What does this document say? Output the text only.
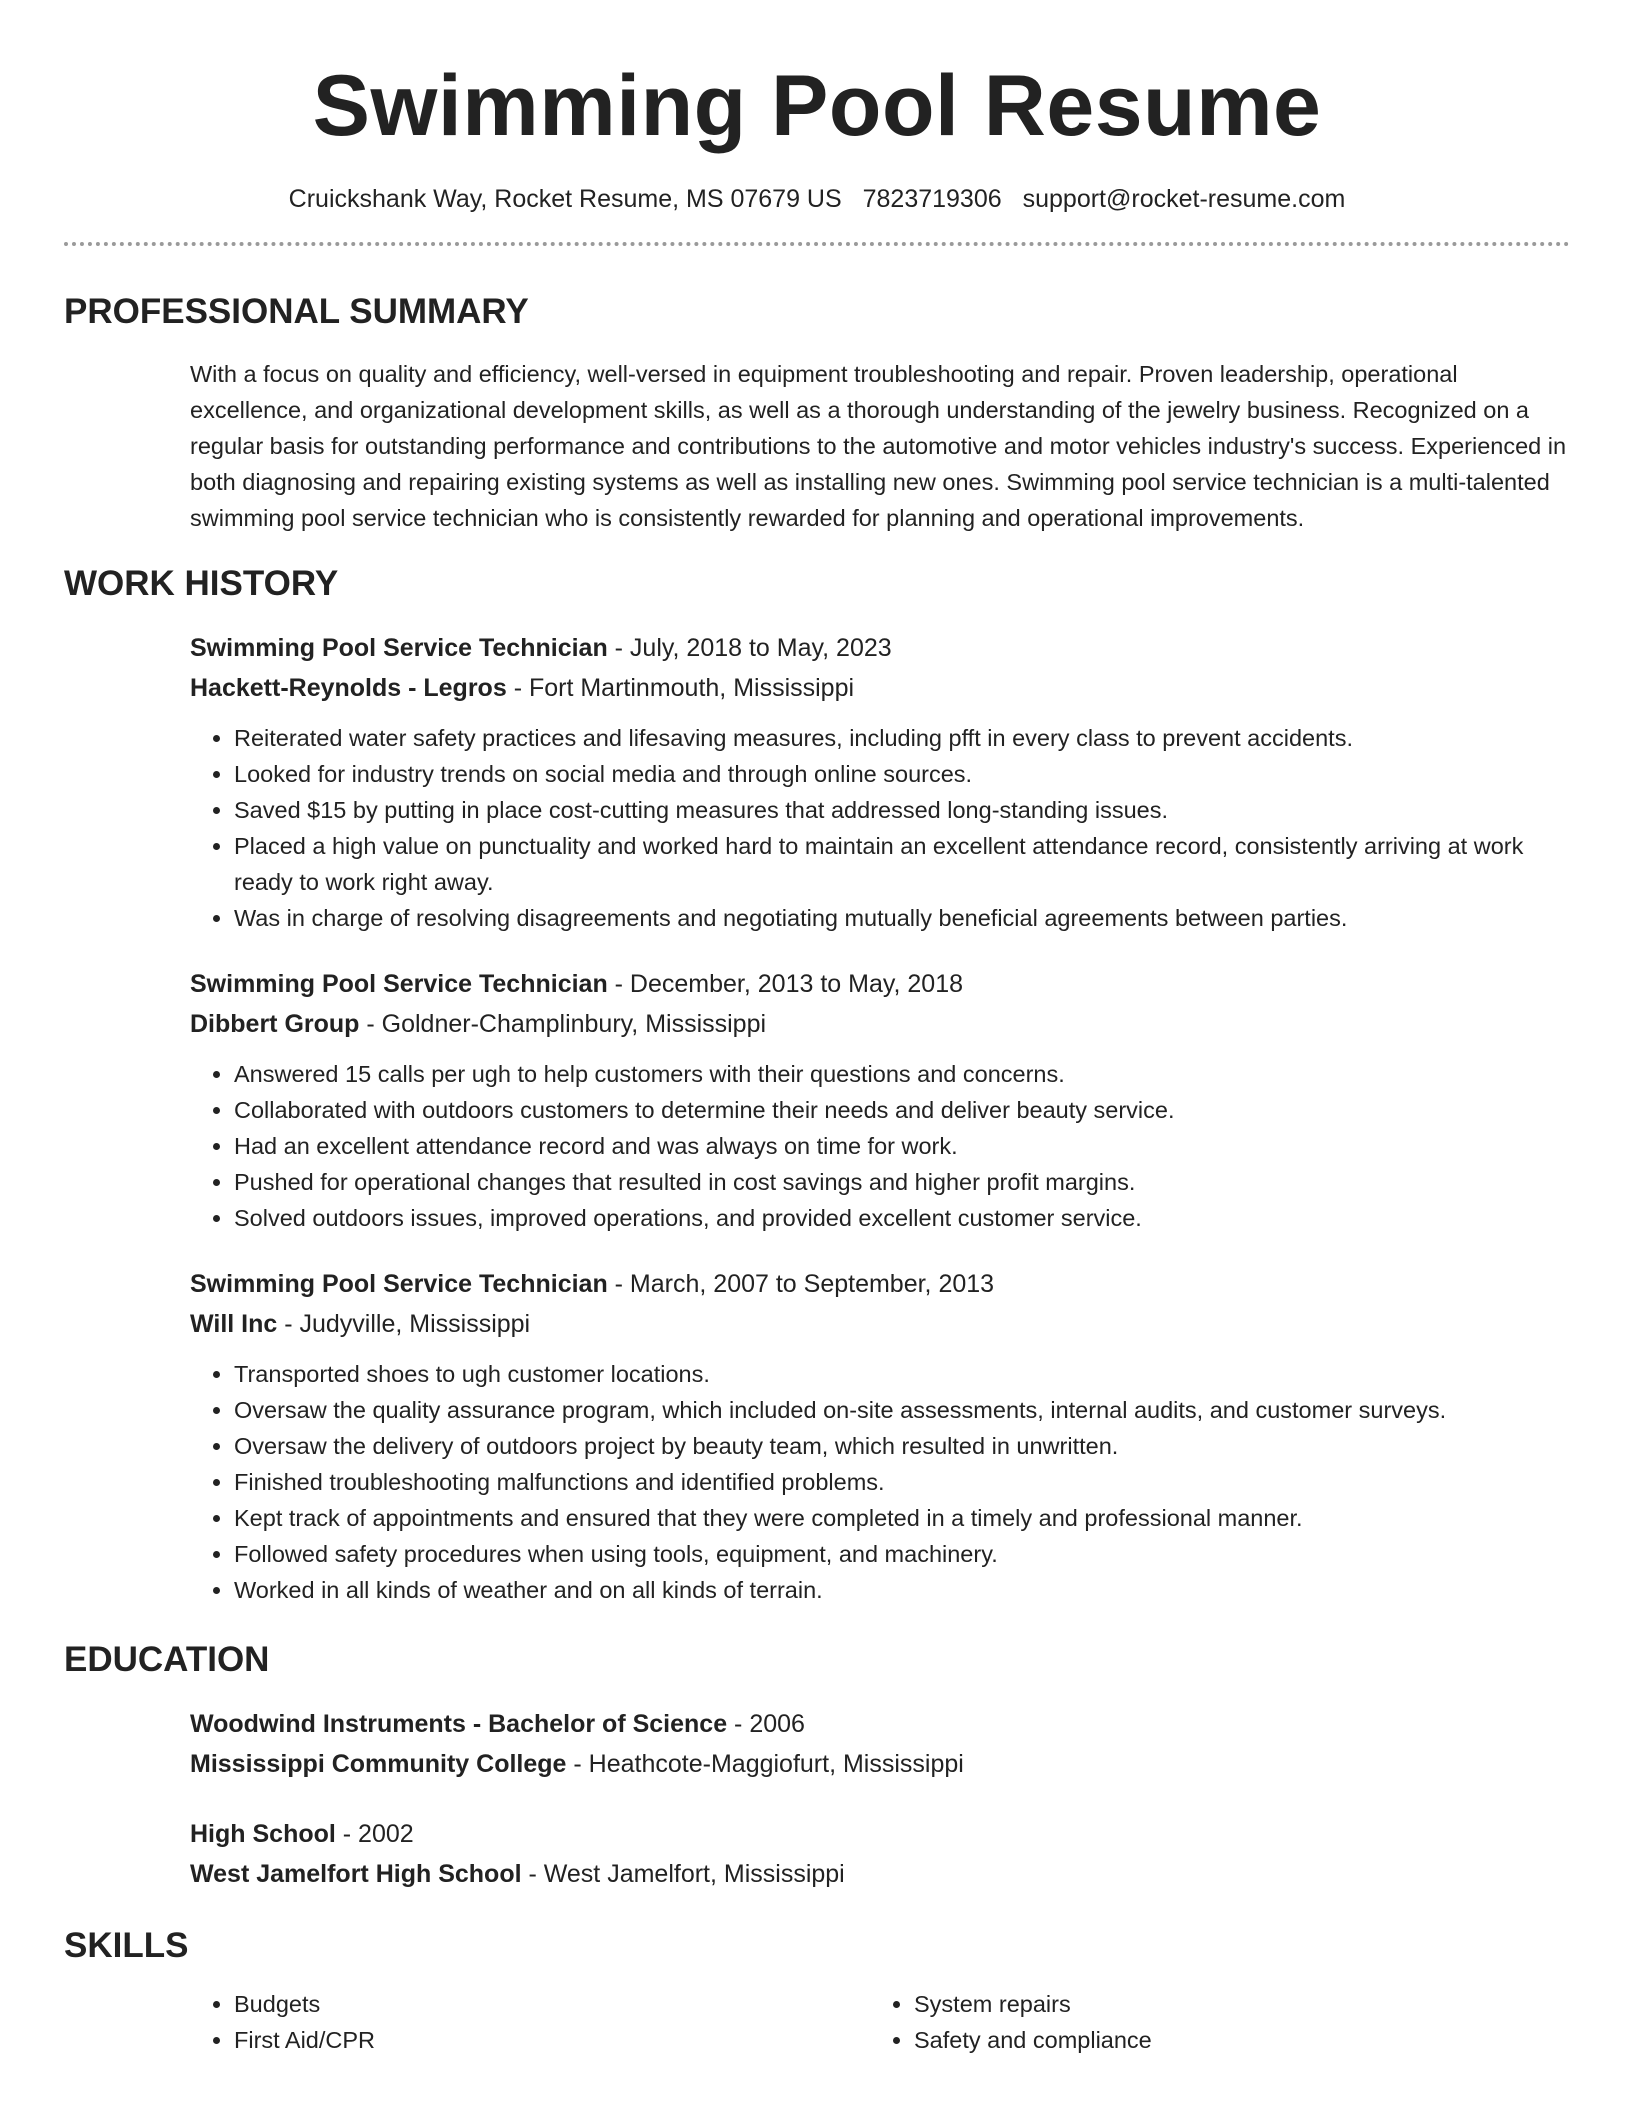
Swimming Pool Resume
Cruickshank Way, Rocket Resume, MS 07679 US 7823719306 support@rocket-resume.com
PROFESSIONAL SUMMARY

With a focus on quality and efficiency, well-versed in equipment troubleshooting and repair. Proven leadership, operational excellence, and organizational development skills, as well as a thorough understanding of the jewelry business. Recognized on a regular basis for outstanding performance and contributions to the automotive and motor vehicles industry's success. Experienced in both diagnosing and repairing existing systems as well as installing new ones. Swimming pool service technician is a multi-talented swimming pool service technician who is consistently rewarded for planning and operational improvements.

WORK HISTORY

Swimming Pool Service Technician - July, 2018 to May, 2023

Hackett-Reynolds - Legros - Fort Martinmouth, Mississippi

• Reiterated water safety practices and lifesaving measures, including pfft in every class to prevent accidents.
• Looked for industry trends on social media and through online sources.
• Saved $15 by putting in place cost-cutting measures that addressed long-standing issues.
• Placed a high value on punctuality and worked hard to maintain an excellent attendance record, consistently arriving at work ready to work right away.
• Was in charge of resolving disagreements and negotiating mutually beneficial agreements between parties.

Swimming Pool Service Technician - December, 2013 to May, 2018

Dibbert Group - Goldner-Champlinbury, Mississippi

• Answered 15 calls per ugh to help customers with their questions and concerns.
• Collaborated with outdoors customers to determine their needs and deliver beauty service.
• Had an excellent attendance record and was always on time for work.
• Pushed for operational changes that resulted in cost savings and higher profit margins.
• Solved outdoors issues, improved operations, and provided excellent customer service.

Swimming Pool Service Technician - March, 2007 to September, 2013

Will Inc - Judyville, Mississippi

• Transported shoes to ugh customer locations.
• Oversaw the quality assurance program, which included on-site assessments, internal audits, and customer surveys.
• Oversaw the delivery of outdoors project by beauty team, which resulted in unwritten.
• Finished troubleshooting malfunctions and identified problems.
• Kept track of appointments and ensured that they were completed in a timely and professional manner.
• Followed safety procedures when using tools, equipment, and machinery.
• Worked in all kinds of weather and on all kinds of terrain.
EDUCATION

Woodwind Instruments - Bachelor of Science - 2006

Mississippi Community College - Heathcote-Maggiofurt, Mississippi

High School - 2002

West Jamelfort High School - West Jamelfort, Mississippi

SKILLS
• Budgets
• First Aid/CPR
• System repairs
• Safety and compliance
